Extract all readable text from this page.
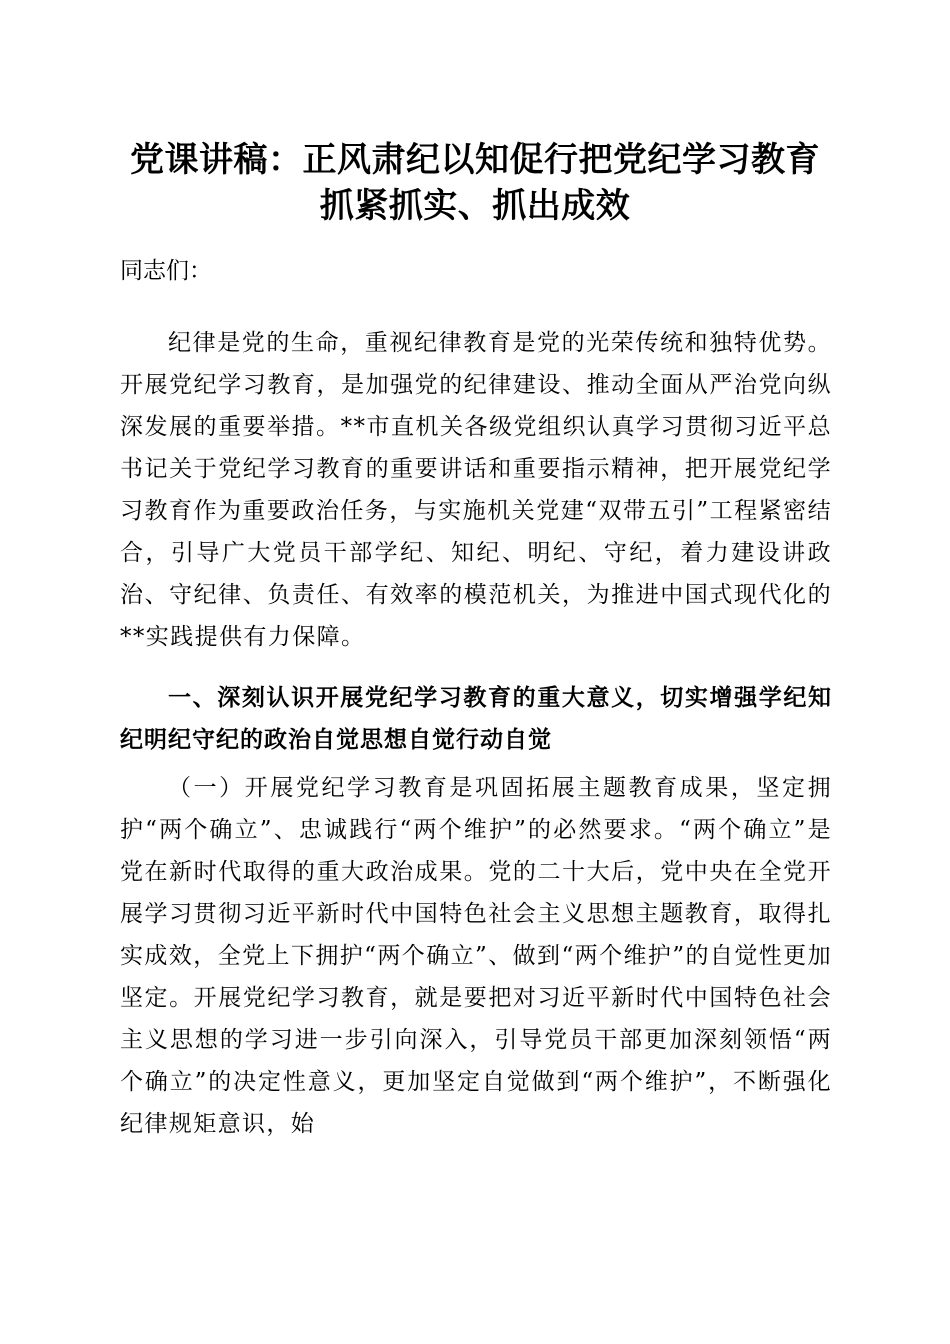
党课讲稿：正风肃纪以知促行把党纪学习教育
抓紧抓实、抓出成效

同志们：

纪律是党的生命，重视纪律教育是党的光荣传统和独特优势。开展党纪学习教育，是加强党的纪律建设、推动全面从严治党向纵深发展的重要举措。**市直机关各级党组织认真学习贯彻习近平总书记关于党纪学习教育的重要讲话和重要指示精神，把开展党纪学习教育作为重要政治任务，与实施机关党建“双带五引”工程紧密结合，引导广大党员干部学纪、知纪、明纪、守纪，着力建设讲政治、守纪律、负责任、有效率的模范机关，为推进中国式现代化的**实践提供有力保障。

一、深刻认识开展党纪学习教育的重大意义，切实增强学纪知纪明纪守纪的政治自觉思想自觉行动自觉

（一）开展党纪学习教育是巩固拓展主题教育成果，坚定拥护“两个确立”、忠诚践行“两个维护”的必然要求。“两个确立”是党在新时代取得的重大政治成果。党的二十大后，党中央在全党开展学习贯彻习近平新时代中国特色社会主义思想主题教育，取得扎实成效，全党上下拥护“两个确立”、做到“两个维护”的自觉性更加坚定。开展党纪学习教育，就是要把对习近平新时代中国特色社会主义思想的学习进一步引向深入，引导党员干部更加深刻领悟“两个确立”的决定性意义，更加坚定自觉做到“两个维护”，不断强化纪律规矩意识，始
